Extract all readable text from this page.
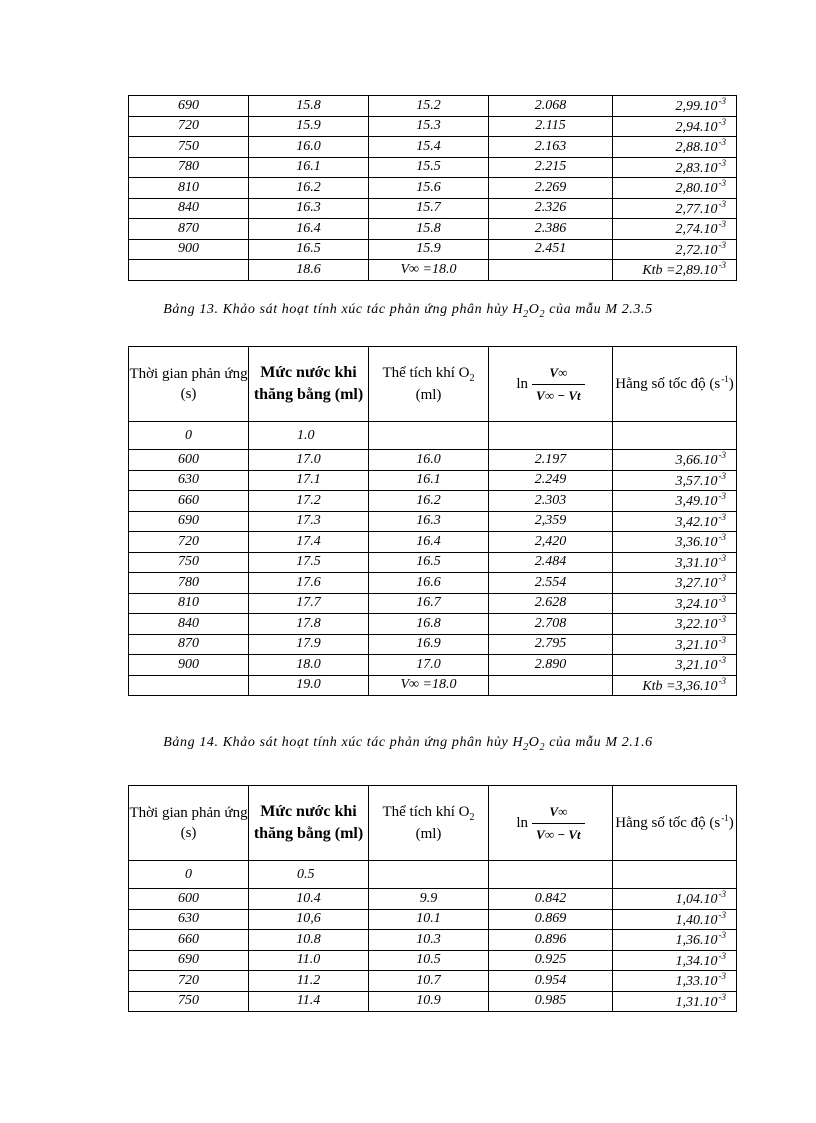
690	15.8	15.2	2.068	$2,99.10^{-3}$
720	15.9	15.3	2.115	$2,94.10^{-3}$
750	16.0	15.4	2.163	$2,88.10^{-3}$
780	16.1	15.5	2.215	$2,83.10^{-3}$
810	16.2	15.6	2.269	$2,80.10^{-3}$
840	16.3	15.7	2.326	$2,77.10^{-3}$
870	16.4	15.8	2.386	$2,74.10^{-3}$
900	16.5	15.9	2.451	$2,72.10^{-3}$
	18.6	V∞ =18.0		Ktb $=2,89.10^{-3}$
Bảng 13. Khảo sát hoạt tính xúc tác phản ứng phân hủy $H_2O_2$ của mẫu M 2.3.5
Thời gian phản ứng (s)	Mức nước khi thăng bằng (ml)	Thể tích khí $O_2$ (ml)	$\ln \frac{V\infty}{V\infty - Vt}$	Hằng số tốc độ $(s^{-1})$
0	1.0			
600	17.0	16.0	2.197	$3,66.10^{-3}$
630	17.1	16.1	2.249	$3,57.10^{-3}$
660	17.2	16.2	2.303	$3,49.10^{-3}$
690	17.3	16.3	2,359	$3,42.10^{-3}$
720	17.4	16.4	2,420	$3,36.10^{-3}$
750	17.5	16.5	2.484	$3,31.10^{-3}$
780	17.6	16.6	2.554	$3,27.10^{-3}$
810	17.7	16.7	2.628	$3,24.10^{-3}$
840	17.8	16.8	2.708	$3,22.10^{-3}$
870	17.9	16.9	2.795	$3,21.10^{-3}$
900	18.0	17.0	2.890	$3,21.10^{-3}$
	19.0	V∞ =18.0		Ktb $=3,36.10^{-3}$
Bảng 14. Khảo sát hoạt tính xúc tác phản ứng phân hủy $H_2O_2$ của mẫu M 2.1.6
Thời gian phản ứng (s)	Mức nước khi thăng bằng (ml)	Thể tích khí $O_2$ (ml)	$\ln \frac{V\infty}{V\infty - Vt}$	Hằng số tốc độ $(s^{-1})$
0	0.5			
600	10.4	9.9	0.842	$1,04.10^{-3}$
630	10,6	10.1	0.869	$1,40.10^{-3}$
660	10.8	10.3	0.896	$1,36.10^{-3}$
690	11.0	10.5	0.925	$1,34.10^{-3}$
720	11.2	10.7	0.954	$1,33.10^{-3}$
750	11.4	10.9	0.985	$1,31.10^{-3}$
